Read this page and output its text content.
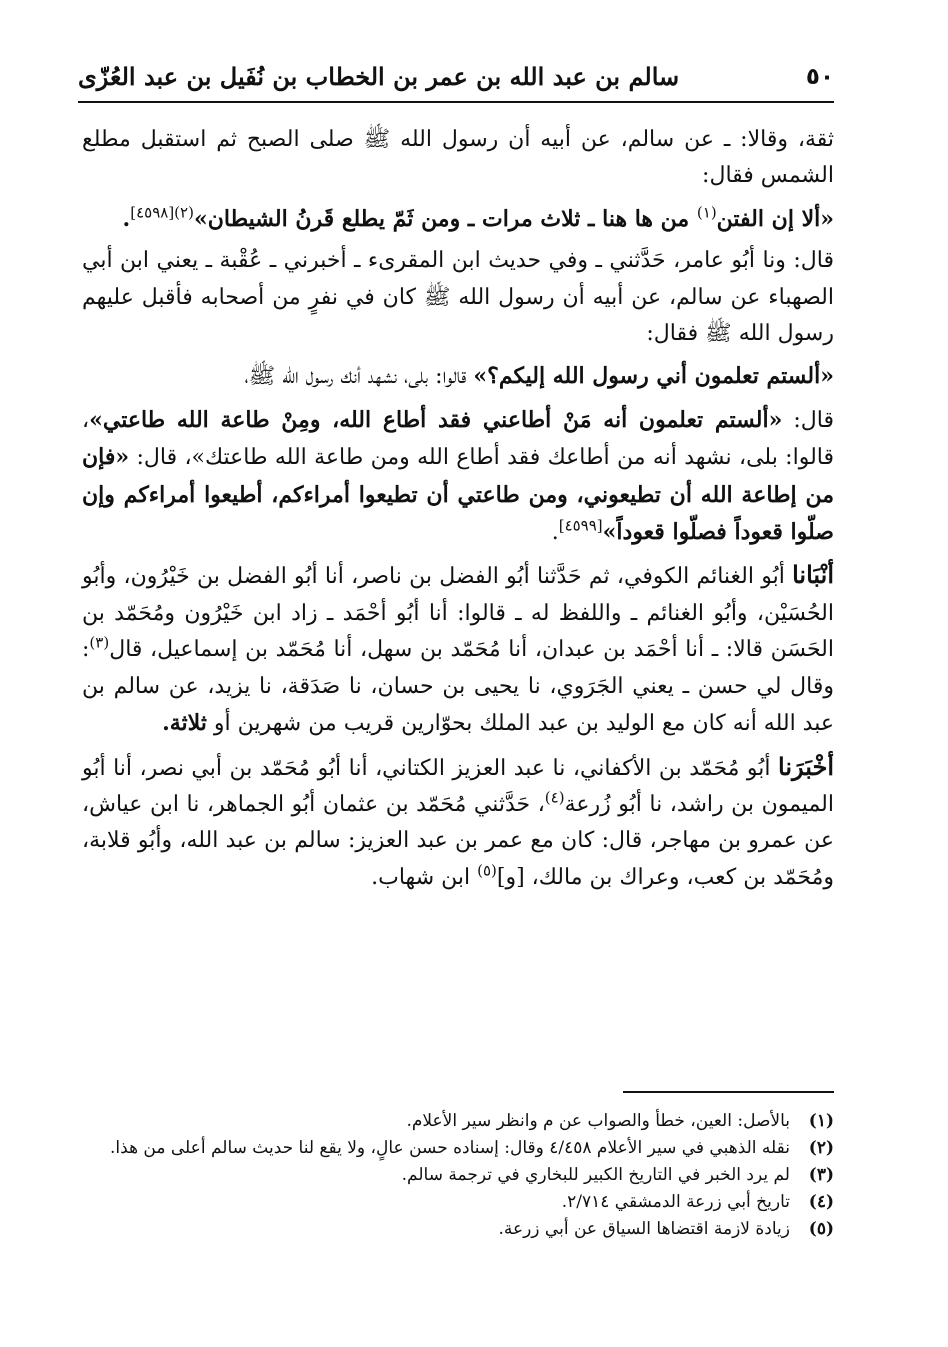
٥٠
سالم بن عبد الله بن عمر بن الخطاب بن نُفَيل بن عبد العُزّى

ثقة، وقالا: ـ عن سالم، عن أبيه أن رسول الله ﷺ صلى الصبح ثم استقبل مطلع الشمس فقال:

«ألا إن الفتن$^{(١)}$ من ها هنا ـ ثلاث مرات ـ ومن ثَمّ يطلع قَرنُ الشيطان»$^{(٢)[٤٥٩٨]}$.

قال: ونا أبُو عامر، حَدَّثني ـ وفي حديث ابن المقرىء ـ أخبرني ـ عُقْبة ـ يعني ابن أبي الصهباء عن سالم، عن أبيه أن رسول الله ﷺ كان في نفرٍ من أصحابه فأقبل عليهم رسول الله ﷺ فقال:

«ألستم تعلمون أني رسول الله إليكم؟» قالوا: بلى، نشهد أنك رسول الله ﷺ،

قال: «ألستم تعلمون أنه مَنْ أطاعني فقد أطاع الله، ومِنْ طاعة الله طاعتي»، قالوا: بلى، نشهد أنه من أطاعك فقد أطاع الله ومن طاعة الله طاعتك»، قال: «فإن من إطاعة الله أن تطيعوني، ومن طاعتي أن تطيعوا أمراءكم، أطيعوا أمراءكم وإن صلّوا قعوداً فصلّوا قعوداً»[٤٥٩٩].

أنْبَانا أبُو الغنائم الكوفي، ثم حَدَّثنا أبُو الفضل بن ناصر، أنا أبُو الفضل بن خَيْرُون، وأبُو الحُسَيْن، وأبُو الغنائم ـ واللفظ له ـ قالوا: أنا أبُو أحْمَد ـ زاد ابن خَيْرُون ومُحَمّد بن الحَسَن قالا: ـ أنا أحْمَد بن عبدان، أنا مُحَمّد بن سهل، أنا مُحَمّد بن إسماعيل، قال$^{(٣)}$: وقال لي حسن ـ يعني الجَرَوي، نا يحيى بن حسان، نا صَدَقة، نا يزيد، عن سالم بن عبد الله أنه كان مع الوليد بن عبد الملك بحوّارين قريب من شهرين أو ثلاثة.

أخْبَرَنا أبُو مُحَمّد بن الأكفاني، نا عبد العزيز الكتاني، أنا أبُو مُحَمّد بن أبي نصر، أنا أبُو الميمون بن راشد، نا أبُو زُرعة$^{(٤)}$، حَدَّثني مُحَمّد بن عثمان أبُو الجماهر، نا ابن عياش، عن عمرو بن مهاجر، قال: كان مع عمر بن عبد العزيز: سالم بن عبد الله، وأبُو قلابة، ومُحَمّد بن كعب، وعراك بن مالك، [و]$^{(٥)}$ ابن شهاب.

(١)
بالأصل: العين، خطأ والصواب عن م وانظر سير الأعلام.
(٢)
نقله الذهبي في سير الأعلام ٤/٤٥٨ وقال: إسناده حسن عالٍ، ولا يقع لنا حديث سالم أعلى من هذا.
(٣)
لم يرد الخبر في التاريخ الكبير للبخاري في ترجمة سالم.
(٤)
تاريخ أبي زرعة الدمشقي ٢/٧١٤.
(٥)
زيادة لازمة اقتضاها السياق عن أبي زرعة.
